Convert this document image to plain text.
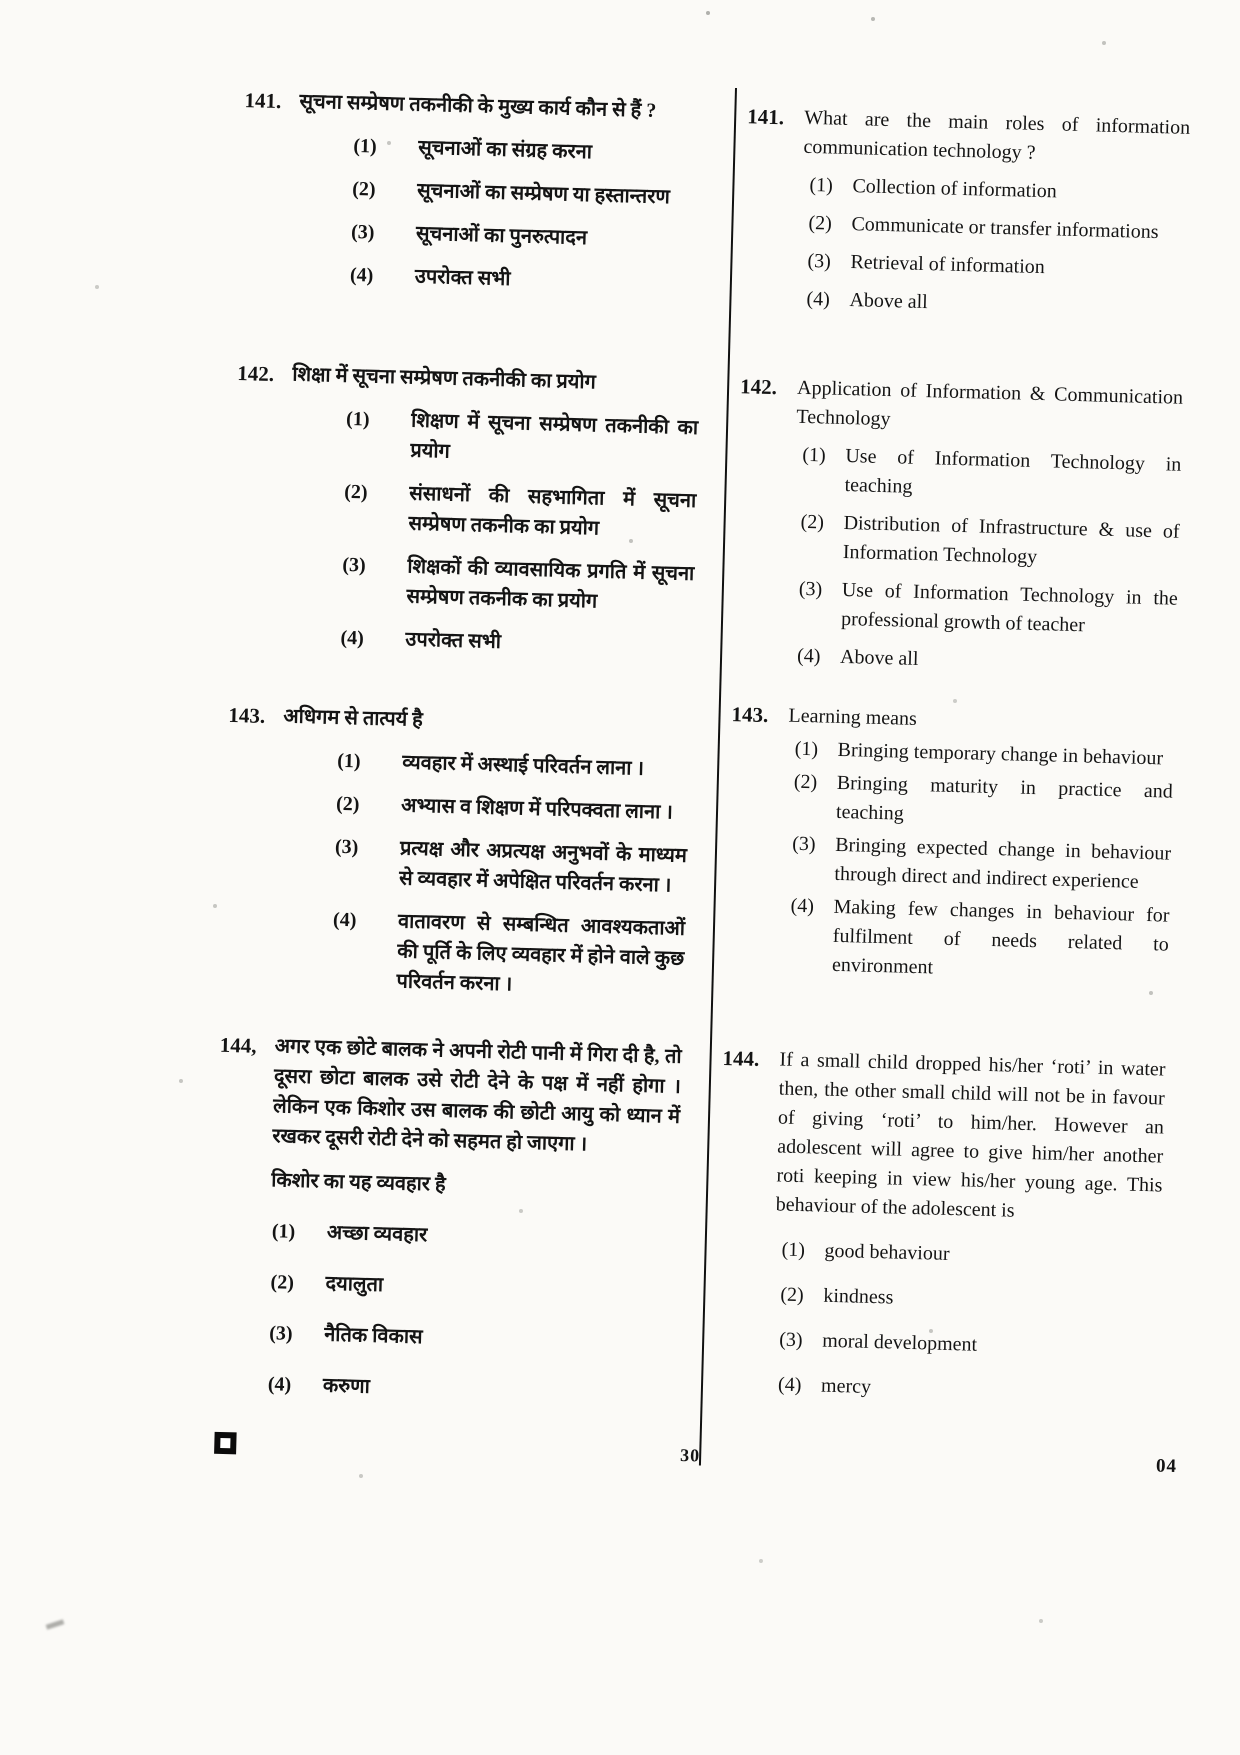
141. सूचना सम्प्रेषण तकनीकी के मुख्य कार्य कौन से हैं ?
(1)	सूचनाओं का संग्रह करना
(2)	सूचनाओं का सम्प्रेषण या हस्तान्तरण
(3)	सूचनाओं का पुनरुत्पादन
(4)	उपरोक्त सभी
142. शिक्षा में सूचना सम्प्रेषण तकनीकी का प्रयोग
(1)	शिक्षण में सूचना सम्प्रेषण तकनीकी का प्रयोग
(2)	संसाधनों की सहभागिता में सूचना सम्प्रेषण तकनीक का प्रयोग
(3)	शिक्षकों की व्यावसायिक प्रगति में सूचना सम्प्रेषण तकनीक का प्रयोग
(4)	उपरोक्त सभी
143. अधिगम से तात्पर्य है
(1)	व्यवहार में अस्थाई परिवर्तन लाना ।
(2)	अभ्यास व शिक्षण में परिपक्वता लाना ।
(3)	प्रत्यक्ष और अप्रत्यक्ष अनुभवों के माध्यम से व्यवहार में अपेक्षित परिवर्तन करना ।
(4)	वातावरण से सम्बन्धित आवश्यकताओं की पूर्ति के लिए व्यवहार में होने वाले कुछ परिवर्तन करना ।
144, अगर एक छोटे बालक ने अपनी रोटी पानी में गिरा दी है, तो दूसरा छोटा बालक उसे रोटी देने के पक्ष में नहीं होगा । लेकिन एक किशोर उस बालक की छोटी आयु को ध्यान में रखकर दूसरी रोटी देने को सहमत हो जाएगा ।
किशोर का यह व्यवहार है
(1)	अच्छा व्यवहार
(2)	दयालुता
(3)	नैतिक विकास
(4)	करुणा
141. What are the main roles of information communication technology ?
(1) Collection of information
(2) Communicate or transfer informations
(3) Retrieval of information
(4) Above all
142. Application of Information & Communication Technology
(1) Use of Information Technology in teaching
(2) Distribution of Infrastructure & use of Information Technology
(3) Use of Information Technology in the professional growth of teacher
(4) Above all
143. Learning means
(1) Bringing temporary change in behaviour
(2) Bringing maturity in practice and teaching
(3) Bringing expected change in behaviour through direct and indirect experience
(4) Making few changes in behaviour for fulfilment of needs related to environment
144. If a small child dropped his/her ‘roti’ in water then, the other small child will not be in favour of giving ‘roti’ to him/her. However an adolescent will agree to give him/her another roti keeping in view his/her young age. This behaviour of the adolescent is
(1) good behaviour
(2) kindness
(3) moral development
(4) mercy
30
04
